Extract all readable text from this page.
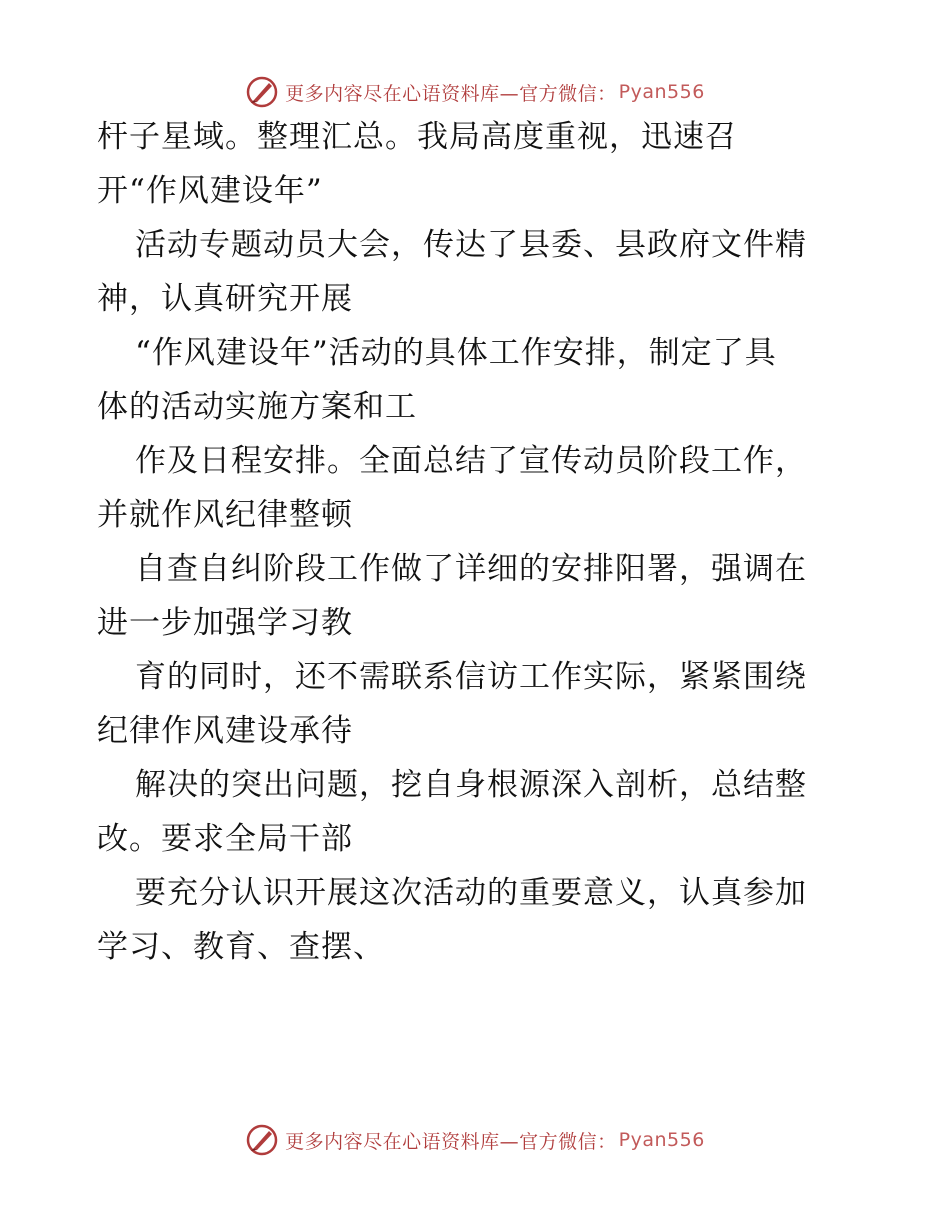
更多内容尽在心语资料库—官方微信： Pyan556
杆子星域。整理汇总。我局高度重视，迅速召
开“作风建设年”
活动专题动员大会，传达了县委、县政府文件精
神，认真研究开展
“作风建设年”活动的具体工作安排，制定了具
体的活动实施方案和工
作及日程安排。全面总结了宣传动员阶段工作，
并就作风纪律整顿
自查自纠阶段工作做了详细的安排阳署，强调在
进一步加强学习教
育的同时，还不需联系信访工作实际，紧紧围绕
纪律作风建设承待
解决的突出问题，挖自身根源深入剖析，总结整
改。要求全局干部
要充分认识开展这次活动的重要意义，认真参加
学习、教育、查摆、
更多内容尽在心语资料库—官方微信： Pyan556
